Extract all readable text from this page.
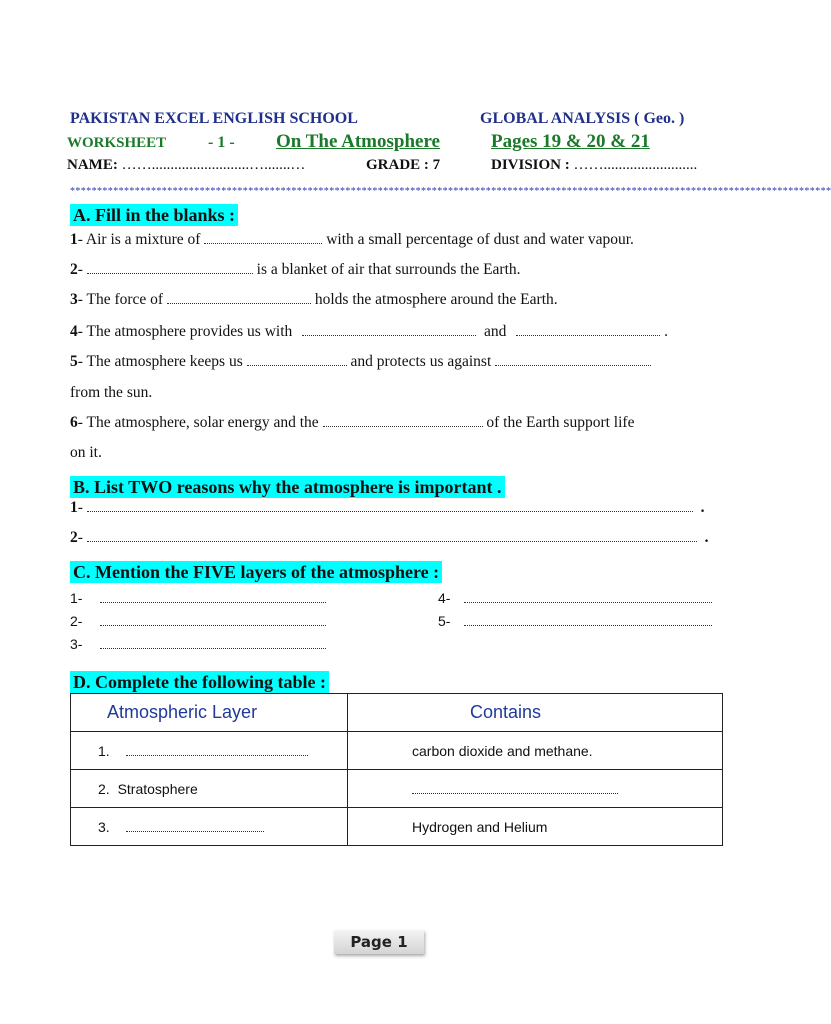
PAKISTAN EXCEL ENGLISH SCHOOL	GLOBAL ANALYSIS ( Geo. )
WORKSHEET	- 1 - On The Atmosphere	Pages 19 & 20 & 21
NAME: ……..........................….......…	GRADE : 7	DIVISION : …….........................
*********************************************************************************************************************************************
A. Fill in the blanks :
1- Air is a mixture of	with a small percentage of dust and water vapour.
2-	is a blanket of air that surrounds the Earth.
3- The force of	holds the atmosphere around the Earth.
4- The atmosphere provides us with	and	.
5- The atmosphere keeps us	and protects us against
from the sun.
6- The atmosphere, solar energy and the	of the Earth support life
on it.
B. List TWO reasons why the atmosphere is important .
1-	.
2-	.
C. Mention the FIVE layers of the atmosphere :
1-
2-
3-
4-
5-
D. Complete the following table :
Atmospheric Layer	Contains
1.	carbon dioxide and methane.
2. Stratosphere	
3.	Hydrogen and Helium
Page 1
